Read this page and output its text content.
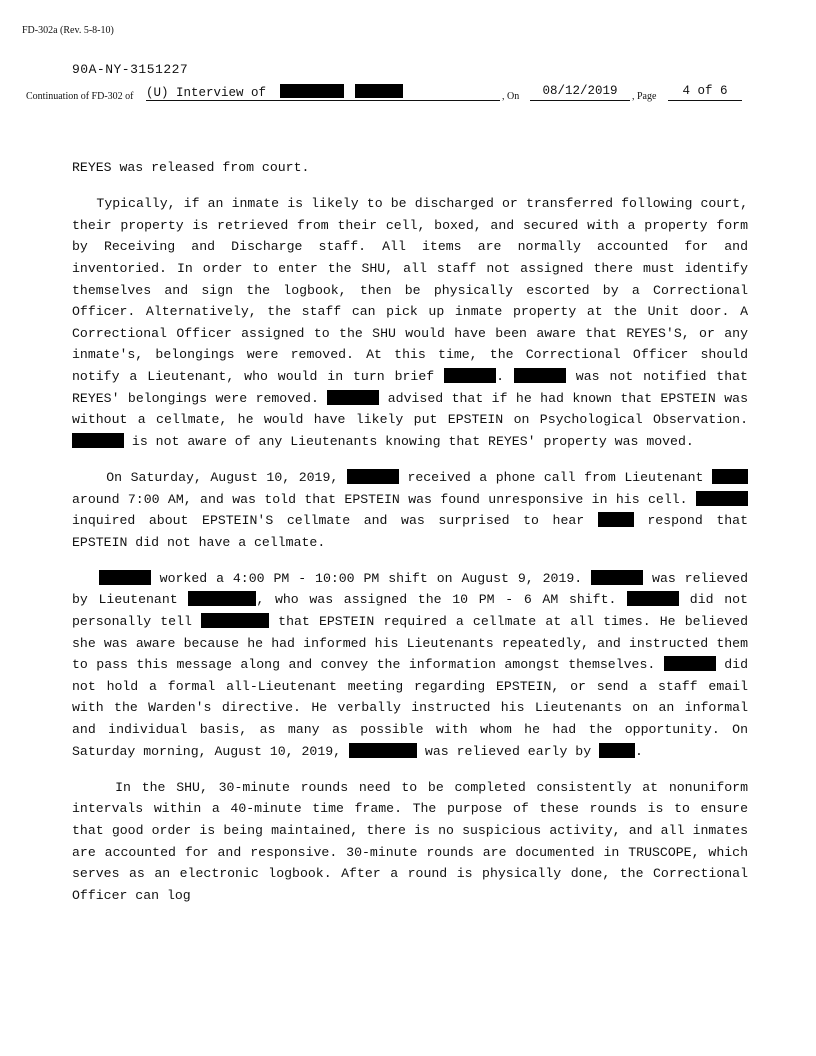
FD-302a (Rev. 5-8-10)
90A-NY-3151227
Continuation of FD-302 of (U) Interview of	, On	08/12/2019	, Page	4 of 6

REYES was released from court.

Typically, if an inmate is likely to be discharged or transferred following court, their property is retrieved from their cell, boxed, and secured with a property form by Receiving and Discharge staff. All items are normally accounted for and inventoried. In order to enter the SHU, all staff not assigned there must identify themselves and sign the logbook, then be physically escorted by a Correctional Officer. Alternatively, the staff can pick up inmate property at the Unit door. A Correctional Officer assigned to the SHU would have been aware that REYES'S, or any inmate's, belongings were removed. At this time, the Correctional Officer should notify a Lieutenant, who would in turn brief	.	was not notified that REYES' belongings were removed.	advised that if he had known that EPSTEIN was without a cellmate, he would have likely put EPSTEIN on Psychological Observation.  is not aware of any Lieutenants knowing that REYES' property was moved.

On Saturday, August 10, 2019,	received a phone call from Lieutenant  around 7:00 AM, and was told that EPSTEIN was found unresponsive in his cell.  inquired about EPSTEIN'S cellmate and was surprised to hear	respond that EPSTEIN did not have a cellmate.

worked a 4:00 PM - 10:00 PM shift on August 9, 2019.	was relieved by Lieutenant	, who was assigned the 10 PM - 6 AM shift.	did not personally tell	that EPSTEIN required a cellmate at all times. He believed she was aware because he had informed his Lieutenants repeatedly, and instructed them to pass this message along and convey the information amongst themselves.	did not hold a formal all-Lieutenant meeting regarding EPSTEIN, or send a staff email with the Warden's directive. He verbally instructed his Lieutenants on an informal and individual basis, as many as possible with whom he had the opportunity. On Saturday morning, August 10, 2019,	was relieved early by	.

In the SHU, 30-minute rounds need to be completed consistently at nonuniform intervals within a 40-minute time frame. The purpose of these rounds is to ensure that good order is being maintained, there is no suspicious activity, and all inmates are accounted for and responsive. 30-minute rounds are documented in TRUSCOPE, which serves as an electronic logbook. After a round is physically done, the Correctional Officer can log
